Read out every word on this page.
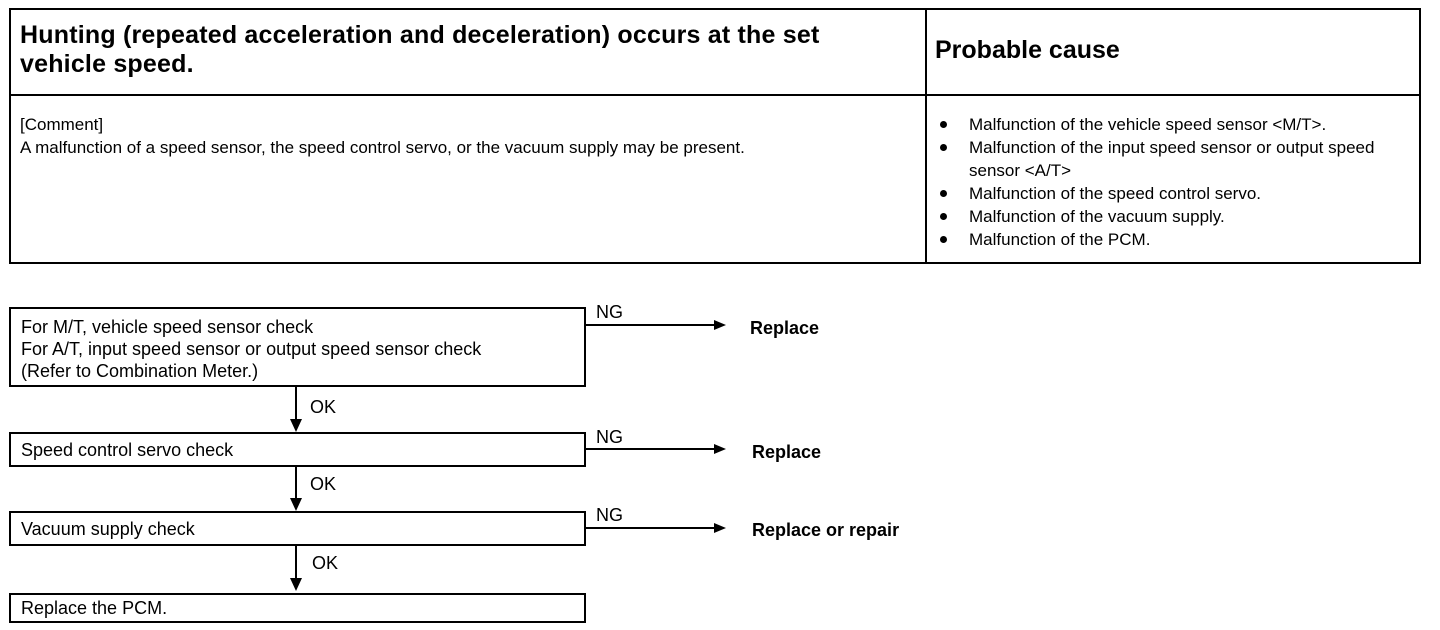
Hunting (repeated acceleration and deceleration) occurs at the set vehicle speed.	Probable cause
[Comment]
A malfunction of a speed sensor, the speed control servo, or the vacuum supply may be present.
Malfunction of the vehicle speed sensor <M/T>.
Malfunction of the input speed sensor or output speed sensor <A/T>
Malfunction of the speed control servo.
Malfunction of the vacuum supply.
Malfunction of the PCM.
For M/T, vehicle speed sensor check
For A/T, input speed sensor or output speed sensor check
(Refer to Combination Meter.)
NG
Replace
OK
Speed control servo check
NG
Replace
OK
Vacuum supply check
NG
Replace or repair
OK
Replace the PCM.
